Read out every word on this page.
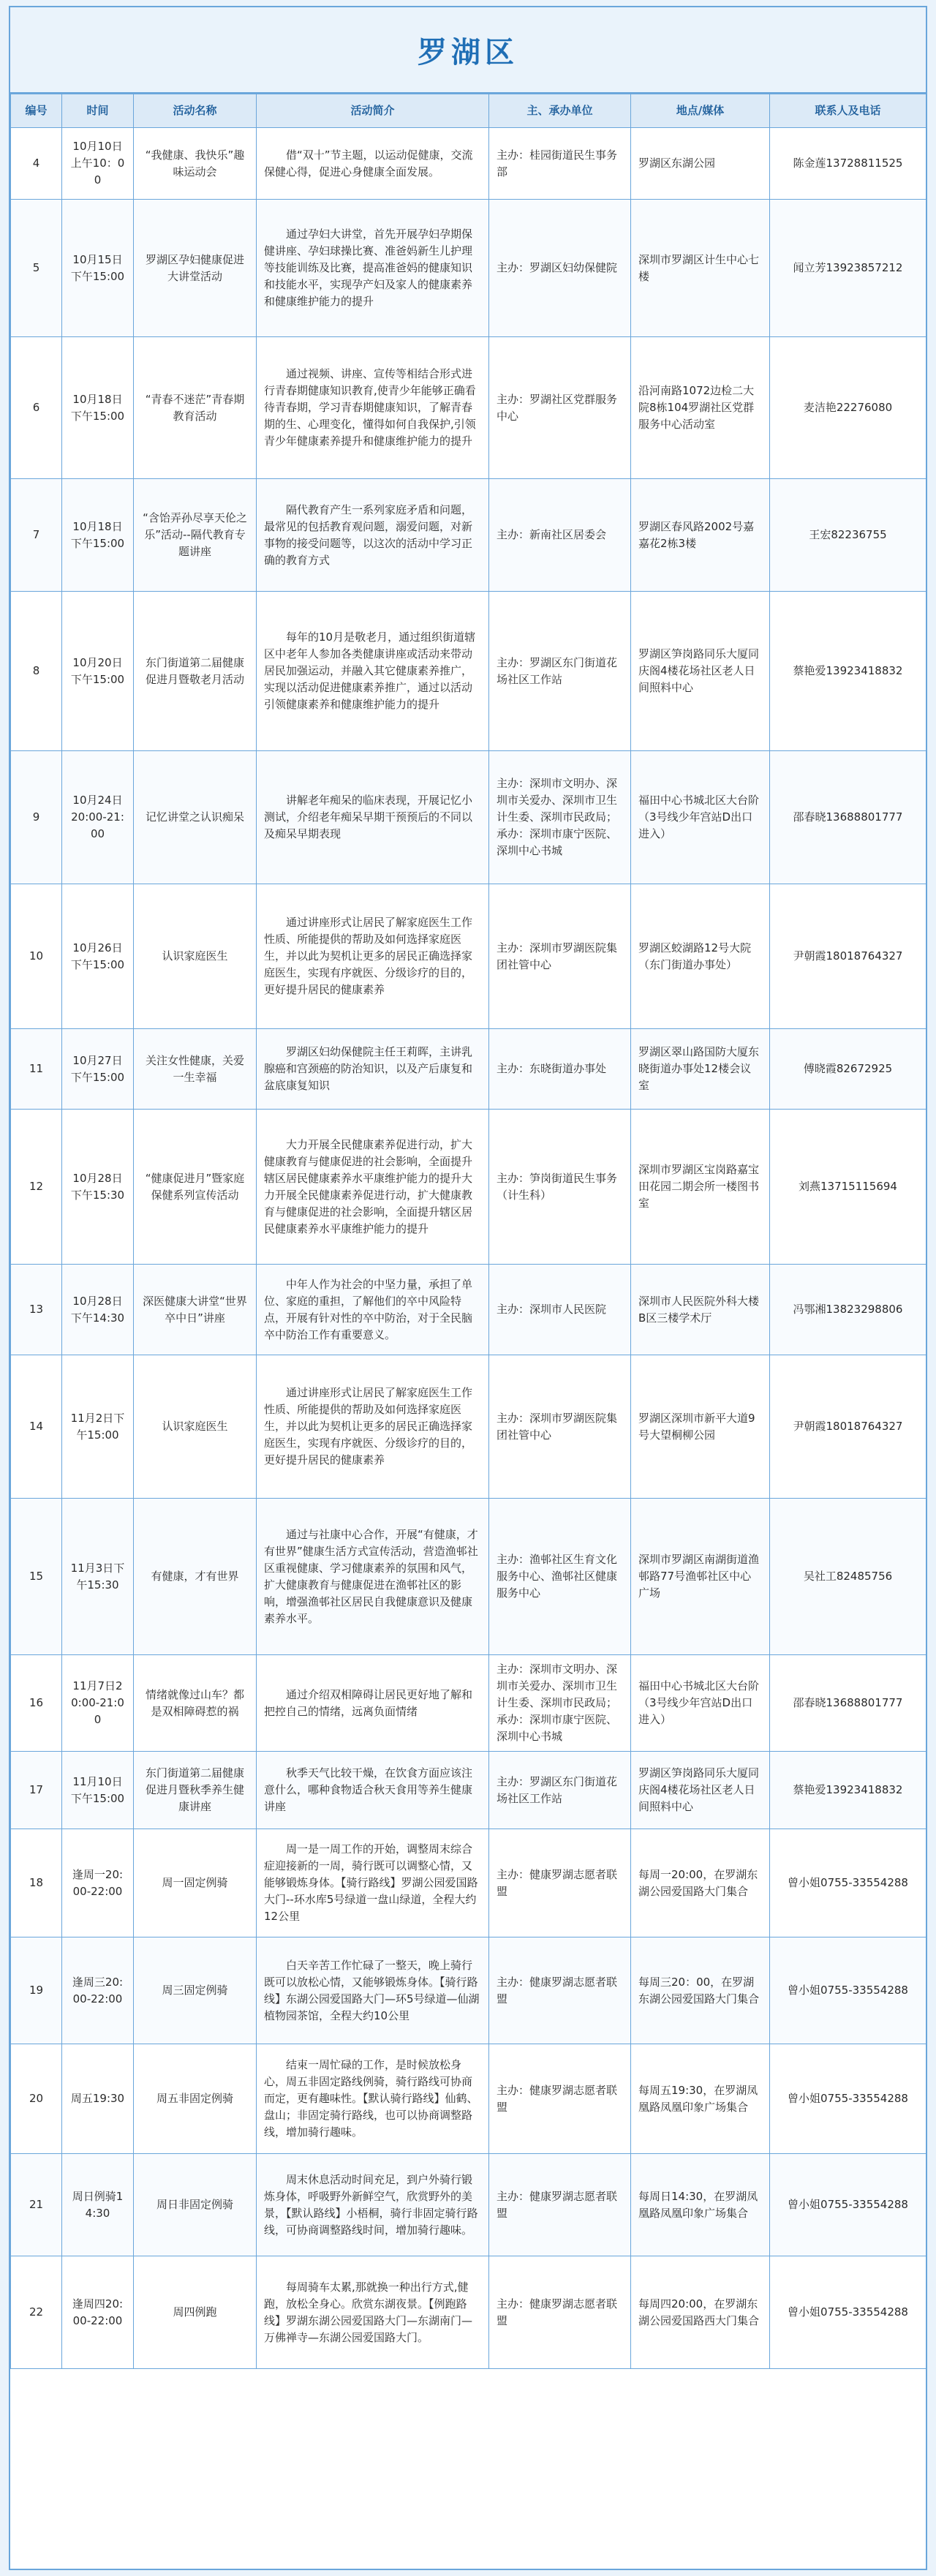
罗湖区
编号	时间	活动名称	活动简介	主、承办单位	地点/媒体	联系人及电话
4	10月10日上午10：00	“我健康、我快乐”趣味运动会	借“双十”节主题，以运动促健康，交流保健心得，促进心身健康全面发展。	主办：桂园街道民生事务部	罗湖区东湖公园	陈金莲13728811525
5	10月15日下午15:00	罗湖区孕妇健康促进大讲堂活动	通过孕妇大讲堂，首先开展孕妇孕期保健讲座、孕妇球操比赛、准爸妈新生儿护理等技能训练及比赛，提高准爸妈的健康知识和技能水平，实现孕产妇及家人的健康素养和健康维护能力的提升	主办：罗湖区妇幼保健院	深圳市罗湖区计生中心七楼	闻立芳13923857212
6	10月18日下午15:00	“青春不迷茫”青春期教育活动	通过视频、讲座、宣传等相结合形式进行青春期健康知识教育,使青少年能够正确看待青春期，学习青春期健康知识，了解青春期的生、心理变化，懂得如何自我保护,引领青少年健康素养提升和健康维护能力的提升	主办：罗湖社区党群服务中心	沿河南路1072边检二大院8栋104罗湖社区党群服务中心活动室	麦洁艳22276080
7	10月18日下午15:00	“含饴弄孙尽享天伦之乐”活动--隔代教育专题讲座	隔代教育产生一系列家庭矛盾和问题，最常见的包括教育观问题，溺爱问题，对新事物的接受问题等，以这次的活动中学习正确的教育方式	主办：新南社区居委会	罗湖区春风路2002号嘉嘉花2栋3楼	王宏82236755
8	10月20日下午15:00	东门街道第二届健康促进月暨敬老月活动	每年的10月是敬老月，通过组织街道辖区中老年人参加各类健康讲座或活动来带动居民加强运动，并融入其它健康素养推广，实现以活动促进健康素养推广，通过以活动引领健康素养和健康维护能力的提升	主办：罗湖区东门街道花场社区工作站	罗湖区笋岗路同乐大厦同庆阁4楼花场社区老人日间照料中心	蔡艳爱13923418832
9	10月24日20:00-21:00	记忆讲堂之认识痴呆	讲解老年痴呆的临床表现，开展记忆小测试，介绍老年痴呆早期干预预后的不同以及痴呆早期表现	主办：深圳市文明办、深圳市关爱办、深圳市卫生计生委、深圳市民政局；承办：深圳市康宁医院、深圳中心书城	福田中心书城北区大台阶（3号线少年宫站D出口进入）	邵春晓13688801777
10	10月26日下午15:00	认识家庭医生	通过讲座形式让居民了解家庭医生工作性质、所能提供的帮助及如何选择家庭医生，并以此为契机让更多的居民正确选择家庭医生，实现有序就医、分级诊疗的目的，更好提升居民的健康素养	主办：深圳市罗湖医院集团社管中心	罗湖区蛟湖路12号大院（东门街道办事处）	尹朝霞18018764327
11	10月27日下午15:00	关注女性健康，关爱一生幸福	罗湖区妇幼保健院主任王莉晖，主讲乳腺癌和宫颈癌的防治知识，以及产后康复和盆底康复知识	主办：东晓街道办事处	罗湖区翠山路国防大厦东晓街道办事处12楼会议室	傅晓霞82672925
12	10月28日下午15:30	“健康促进月”暨家庭保健系列宣传活动	大力开展全民健康素养促进行动，扩大健康教育与健康促进的社会影响，全面提升辖区居民健康素养水平康维护能力的提升大力开展全民健康素养促进行动，扩大健康教育与健康促进的社会影响，全面提升辖区居民健康素养水平康维护能力的提升	主办：笋岗街道民生事务（计生科）	深圳市罗湖区宝岗路嘉宝田花园二期会所一楼图书室	刘燕13715115694
13	10月28日下午14:30	深医健康大讲堂“世界卒中日”讲座	中年人作为社会的中坚力量，承担了单位、家庭的重担，了解他们的卒中风险特点，开展有针对性的卒中防治，对于全民脑卒中防治工作有重要意义。	主办：深圳市人民医院	深圳市人民医院外科大楼B区三楼学术厅	冯鄂湘13823298806
14	11月2日下午15:00	认识家庭医生	通过讲座形式让居民了解家庭医生工作性质、所能提供的帮助及如何选择家庭医生，并以此为契机让更多的居民正确选择家庭医生，实现有序就医、分级诊疗的目的，更好提升居民的健康素养	主办：深圳市罗湖医院集团社管中心	罗湖区深圳市新平大道9号大望桐柳公园	尹朝霞18018764327
15	11月3日下午15:30	有健康，才有世界	通过与社康中心合作，开展“有健康，才有世界”健康生活方式宣传活动，营造渔邨社区重视健康、学习健康素养的氛围和风气，扩大健康教育与健康促进在渔邨社区的影响，增强渔邨社区居民自我健康意识及健康素养水平。	主办：渔邨社区生育文化服务中心、渔邨社区健康服务中心	深圳市罗湖区南湖街道渔邨路77号渔邨社区中心广场	吴社工82485756
16	11月7日20:00-21:00	情绪就像过山车？都是双相障碍惹的祸	通过介绍双相障碍让居民更好地了解和把控自己的情绪，远离负面情绪	主办：深圳市文明办、深圳市关爱办、深圳市卫生计生委、深圳市民政局；承办：深圳市康宁医院、深圳中心书城	福田中心书城北区大台阶（3号线少年宫站D出口进入）	邵春晓13688801777
17	11月10日下午15:00	东门街道第二届健康促进月暨秋季养生健康讲座	秋季天气比较干燥，在饮食方面应该注意什么，哪种食物适合秋天食用等养生健康讲座	主办：罗湖区东门街道花场社区工作站	罗湖区笋岗路同乐大厦同庆阁4楼花场社区老人日间照料中心	蔡艳爱13923418832
18	逢周一20:00-22:00	周一固定例骑	周一是一周工作的开始，调整周末综合症迎接新的一周，骑行既可以调整心情，又能够锻炼身体。【骑行路线】罗湖公园爱国路大门--环水库5号绿道一盘山绿道，全程大约12公里	主办：健康罗湖志愿者联盟	每周一20:00，在罗湖东湖公园爱国路大门集合	曾小姐0755-33554288
19	逢周三20:00-22:00	周三固定例骑	白天辛苦工作忙碌了一整天，晚上骑行既可以放松心情，又能够锻炼身体。【骑行路线】东湖公园爱国路大门—环5号绿道—仙湖植物园茶馆，全程大约10公里	主办：健康罗湖志愿者联盟	每周三20：00，在罗湖东湖公园爱国路大门集合	曾小姐0755-33554288
20	周五19:30	周五非固定例骑	结束一周忙碌的工作，是时候放松身心，周五非固定路线例骑，骑行路线可协商而定，更有趣味性。【默认骑行路线】仙鹤、盘山；非固定骑行路线，也可以协商调整路线，增加骑行趣味。	主办：健康罗湖志愿者联盟	每周五19:30，在罗湖凤凰路凤凰印象广场集合	曾小姐0755-33554288
21	周日例骑14:30	周日非固定例骑	周末休息活动时间充足，到户外骑行锻炼身体，呼吸野外新鲜空气，欣赏野外的美景，【默认路线】小梧桐，骑行非固定骑行路线，可协商调整路线时间，增加骑行趣味。	主办：健康罗湖志愿者联盟	每周日14:30，在罗湖凤凰路凤凰印象广场集合	曾小姐0755-33554288
22	逢周四20:00-22:00	周四例跑	每周骑车太累,那就换一种出行方式,健跑，放松全身心。欣赏东湖夜景。【例跑路线】罗湖东湖公园爱国路大门—东湖南门—万佛禅寺—东湖公园爱国路大门。	主办：健康罗湖志愿者联盟	每周四20:00，在罗湖东湖公园爱国路西大门集合	曾小姐0755-33554288
